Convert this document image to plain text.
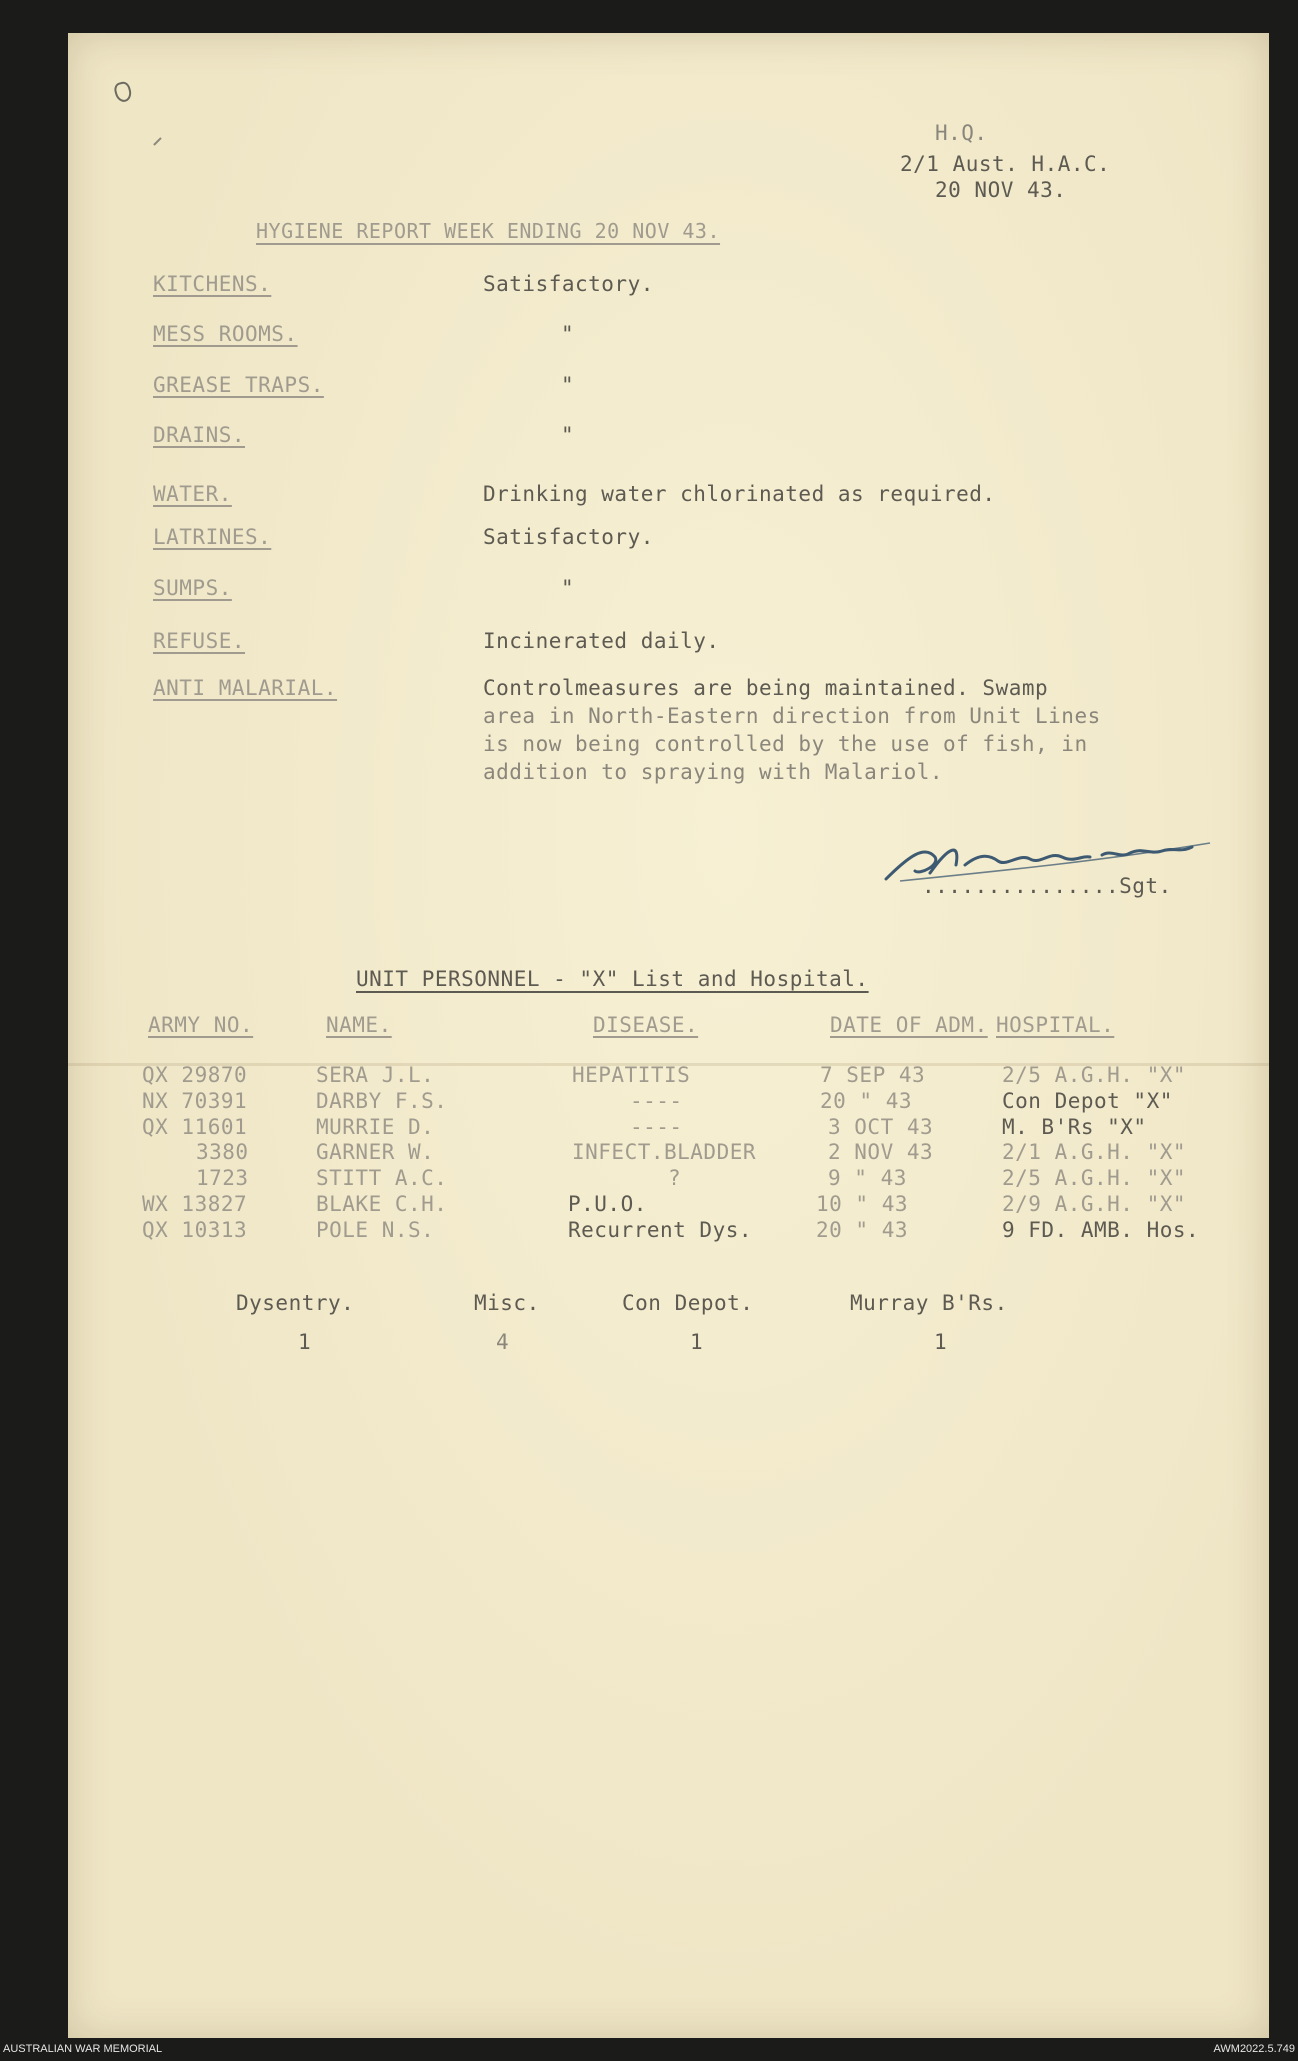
H.Q.
2/1 Aust. H.A.C.
20 NOV 43.
HYGIENE REPORT WEEK ENDING 20 NOV 43.
KITCHENS.	Satisfactory.
MESS ROOMS.	"
GREASE TRAPS.	"
DRAINS.	"
WATER.	Drinking water chlorinated as required.
LATRINES.	Satisfactory.
SUMPS.	"
REFUSE.	Incinerated daily.
ANTI MALARIAL.	Controlmeasures are being maintained. Swamp
area in North-Eastern direction from Unit Lines
is now being controlled by the use of fish, in
addition to spraying with Malariol.
...............Sgt.
UNIT PERSONNEL - "X" List and Hospital.
ARMY NO.	NAME.	DISEASE.	DATE OF ADM. HOSPITAL.
QX 29870	SERA J.L.	HEPATITIS	7 SEP 43	2/5 A.G.H. "X"
NX 70391	DARBY F.S.	----	20 " 43	Con Depot "X"
QX 11601	MURRIE D.	----	3 OCT 43	M. B'Rs "X"
3380	GARNER W.	INFECT.BLADDER	2 NOV 43	2/1 A.G.H. "X"
1723	STITT A.C.	?	9 " 43	2/5 A.G.H. "X"
WX 13827	BLAKE C.H.	P.U.O.	10 " 43	2/9 A.G.H. "X"
QX 10313	POLE N.S.	Recurrent Dys.	20 " 43	9 FD. AMB. Hos.
Dysentry.	Misc.	Con Depot.	Murray B'Rs.
1	4	1	1
AUSTRALIAN WAR MEMORIAL	AWM2022.5.749
